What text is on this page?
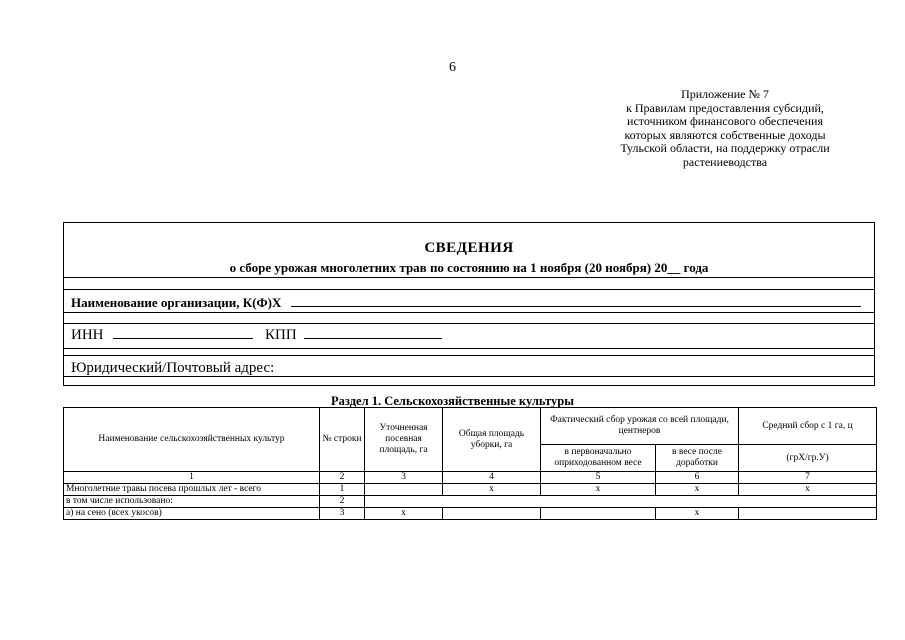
6
Приложение № 7
к Правилам предоставления субсидий,
источником финансового обеспечения
которых являются собственные доходы
Тульской области, на поддержку отрасли
растениеводства
СВЕДЕНИЯ
о сборе урожая многолетних трав по состоянию на 1 ноября (20 ноября) 20__ года
Наименование организации, К(Ф)Х
ИНН	КПП
Юридический/Почтовый адрес:
Раздел 1. Сельскохозяйственные культуры
Наименование сельскохозяйственных культур	№ строки	Уточненная посевная площадь, га	Общая площадь уборки, га	Фактический сбор урожая со всей площади, центнеров		Средний сбор с 1 га, ц
				в первоначально оприходованном весе	в весе после доработки	(грХ/гр.У)
1	2	3	4	5	6	7
Многолетние травы посева прошлых лет - всего	1		x	x	x	x
в том числе использовано:	2					
а) на сено (всех укосов)	3	x			x	
